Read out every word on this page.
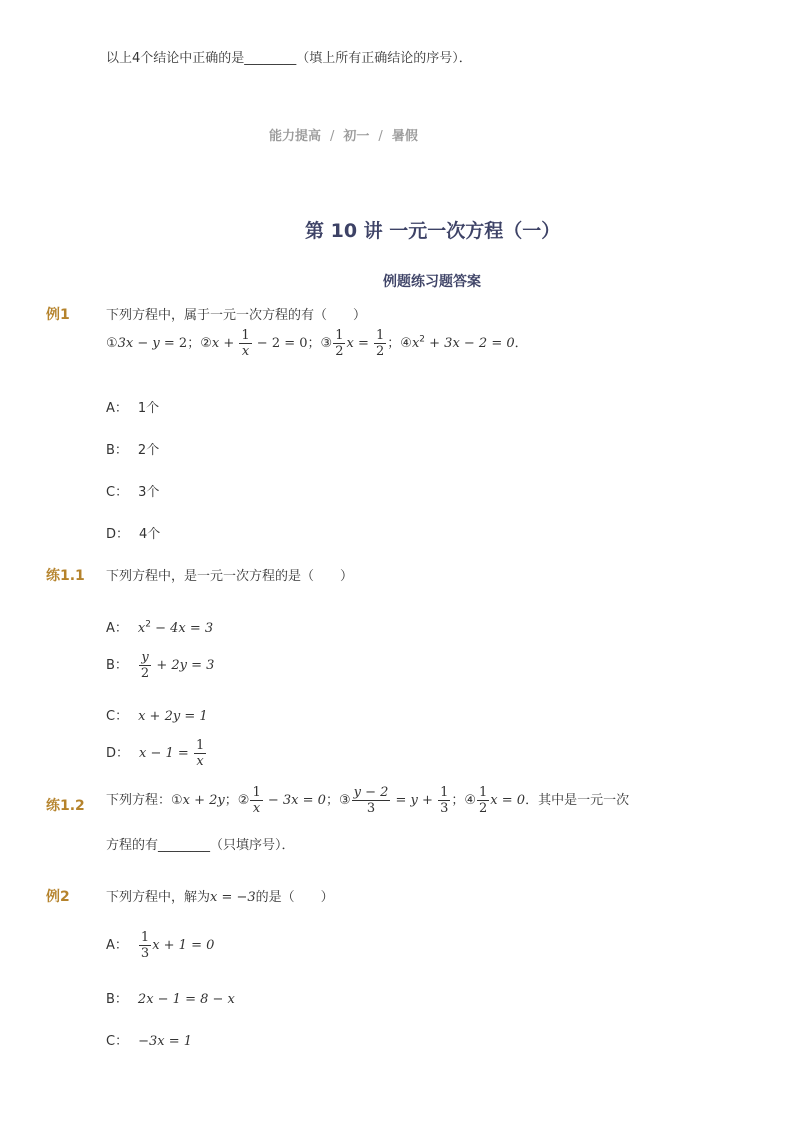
以上4个结论中正确的是________（填上所有正确结论的序号）．
能力提高 / 初一 / 暑假
第 10 讲 一元一次方程（一）
例题练习题答案
例1	下列方程中，属于一元一次方程的有（　　）
①3x − y = 2；②x + $\frac{1}{x} - 2 = 0$；③ $\frac{1}{2}$ $x = \frac{1}{2}$ ；$④x^2 + 3x - 2 = 0$．
A： 1个
B： 2个
C： 3个
D： 4个
练1.1 下列方程中，是一元一次方程的是（　　）
A： $x^2 - 4x = 3$
B： $\frac{y}{2} + 2y = 3$
C： x + 2y = 1
D： $x - 1 = \frac{1}{x}$
练1.2 下列方程：①x + 2y；② $\frac{1}{x} - 3x = 0$；③ $\frac{y - 2}{3} = y + \frac{1}{3}$ ；④ $\frac{1}{2}$ x = 0．其中是一元一次
方程的有________（只填序号）．
例2	下列方程中，解为x = −3的是（　　）
A： $\frac{1}{3}$ x + 1 = 0
B： 2x − 1 = 8 − x
C： −3x = 1
